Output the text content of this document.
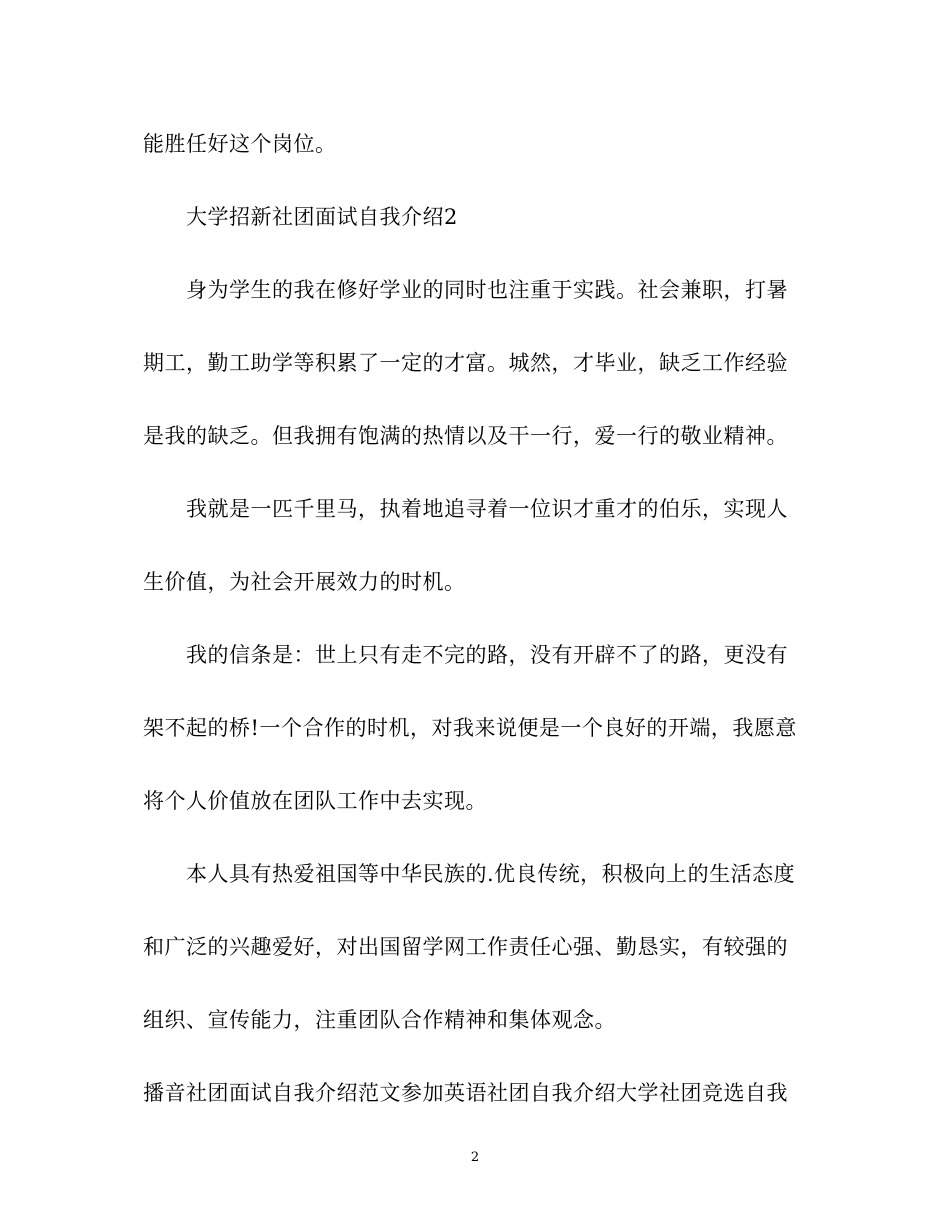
能胜任好这个岗位。
大学招新社团面试自我介绍2
身为学生的我在修好学业的同时也注重于实践。社会兼职，打暑
期工，勤工助学等积累了一定的才富。城然，才毕业，缺乏工作经验
是我的缺乏。但我拥有饱满的热情以及干一行，爱一行的敬业精神。
我就是一匹千里马，执着地追寻着一位识才重才的伯乐，实现人
生价值，为社会开展效力的时机。
我的信条是：世上只有走不完的路，没有开辟不了的路，更没有
架不起的桥!一个合作的时机，对我来说便是一个良好的开端，我愿意
将个人价值放在团队工作中去实现。
本人具有热爱祖国等中华民族的.优良传统，积极向上的生活态度
和广泛的兴趣爱好，对出国留学网工作责任心强、勤恳实，有较强的
组织、宣传能力，注重团队合作精神和集体观念。
播音社团面试自我介绍范文参加英语社团自我介绍大学社团竞选自我
2
